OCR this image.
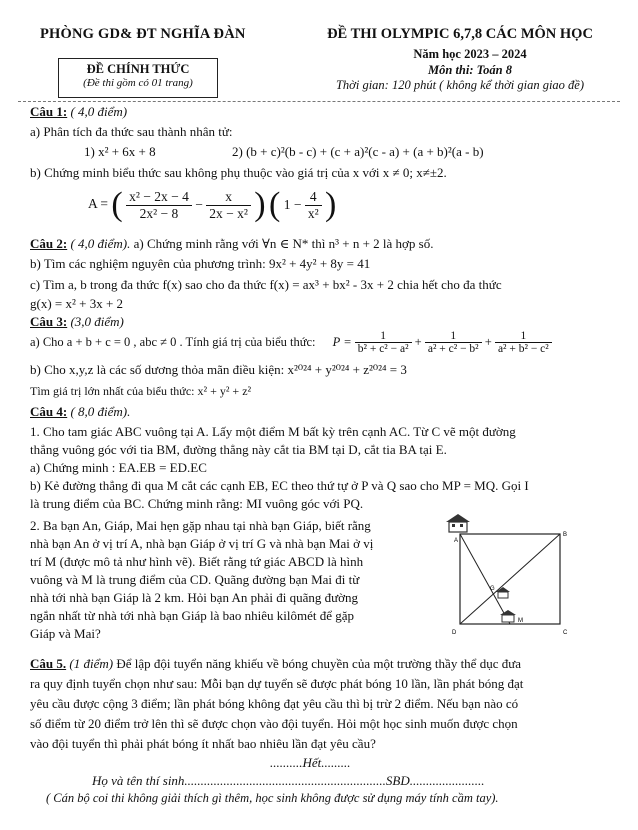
PHÒNG GD& ĐT NGHĨA ĐÀN	ĐỀ THI OLYMPIC 6,7,8 CÁC MÔN HỌC
ĐỀ CHÍNH THỨC
(Đề thi gồm có 01 trang)
Năm học 2023 – 2024
Môn thi: Toán 8
Thời gian: 120 phút ( không kể thời gian giao đề)
Câu 1: ( 4,0 điểm)
a) Phân tích đa thức sau thành nhân tử:
1) x² + 6x + 8	2) (b + c)²(b - c) + (c + a)²(c - a) + (a + b)²(a - b)
b) Chứng minh biểu thức sau không phụ thuộc vào giá trị của x với x ≠ 0; x≠±2.
A = ( $\frac{\text{x² − 2x − 4}}{\text{2x² − 8}} - \frac{x}{\text{2x − x²}}$ ) ( $1 - \frac{4}{\text{x²}}$ )
Câu 2: ( 4,0 điểm). a) Chứng minh rằng với ∀n ∈ N* thì n³ + n + 2 là hợp số.
b) Tìm các nghiệm nguyên của phương trình: 9x² + 4y² + 8y = 41
c) Tìm a, b trong đa thức f(x) sao cho đa thức f(x) = ax³ + bx² - 3x + 2 chia hết cho đa thức
g(x) = x² + 3x + 2
Câu 3: (3,0 điểm)
a) Cho a + b + c = 0 , abc ≠ 0 . Tính giá trị của biểu thức: $P = \frac{1}{\text{b² + c² − a²}} + \frac{1}{\text{a² + c² − b²}} + \frac{1}{\text{a² + b² − c²}}$
b) Cho x,y,z là các số dương thỏa mãn điều kiện: x²⁰²⁴ + y²⁰²⁴ + z²⁰²⁴ = 3
Tìm giá trị lớn nhất của biểu thức: x² + y² + z²
Câu 4: ( 8,0 điểm).
1. Cho tam giác ABC vuông tại A. Lấy một điểm M bất kỳ trên cạnh AC. Từ C vẽ một đường
thẳng vuông góc với tia BM, đường thẳng này cắt tia BM tại D, cắt tia BA tại E.
a) Chứng minh : EA.EB = ED.EC
b) Kẻ đường thẳng đi qua M cắt các cạnh EB, EC theo thứ tự ở P và Q sao cho MP = MQ. Gọi I
là trung điểm của BC. Chứng minh rằng: MI vuông góc với PQ.
2. Ba bạn An, Giáp, Mai hẹn gặp nhau tại nhà bạn Giáp, biết rằng
nhà bạn An ở vị trí A, nhà bạn Giáp ở vị trí G và nhà bạn Mai ở vị
trí M (được mô tả như hình vẽ). Biết rằng tứ giác ABCD là hình
vuông và M là trung điểm của CD. Quãng đường bạn Mai đi từ
nhà tới nhà bạn Giáp là 2 km. Hỏi bạn An phải đi quãng đường
ngắn nhất từ nhà tới nhà bạn Giáp là bao nhiêu kilômét để gặp
Giáp và Mai?
A
B
C
D
G
M
Câu 5. (1 điểm) Để lập đội tuyển năng khiếu về bóng chuyền của một trường thầy thể dục đưa
ra quy định tuyển chọn như sau: Mỗi bạn dự tuyển sẽ được phát bóng 10 lần, lần phát bóng đạt
yêu cầu được cộng 3 điểm; lần phát bóng không đạt yêu cầu thì bị trừ 2 điểm. Nếu bạn nào có
số điểm từ 20 điểm trở lên thì sẽ được chọn vào đội tuyển. Hỏi một học sinh muốn được chọn
vào đội tuyển thì phải phát bóng ít nhất bao nhiêu lần đạt yêu cầu?
..........Hết.........
Họ và tên thí sinh..............................................................SBD.......................
( Cán bộ coi thi không giải thích gì thêm, học sinh không được sử dụng máy tính cầm tay).
